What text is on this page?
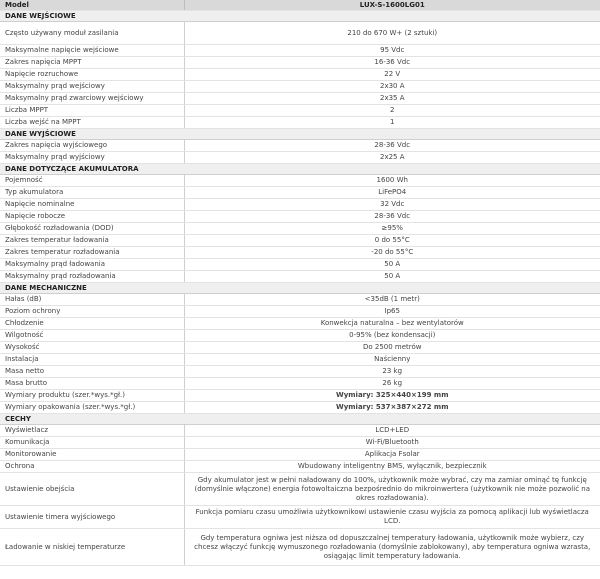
Model	LUX-S-1600LG01
DANE WEJŚCIOWE	
Często używany moduł zasilania	210 do 670 W+ (2 sztuki)
Maksymalne napięcie wejściowe	95 Vdc
Zakres napięcia MPPT	16-36 Vdc
Napięcie rozruchowe	22 V
Maksymalny prąd wejściowy	2x30 A
Maksymalny prąd zwarciowy wejściowy	2x35 A
Liczba MPPT	2
Liczba wejść na MPPT	1
DANE WYJŚCIOWE	
Zakres napięcia wyjściowego	28-36 Vdc
Maksymalny prąd wyjściowy	2x25 A
DANE DOTYCZĄCE AKUMULATORA	
Pojemność	1600 Wh
Typ akumulatora	LiFePO4
Napięcie nominalne	32 Vdc
Napięcie robocze	28-36 Vdc
Głębokość rozładowania (DOD)	≥95%
Zakres temperatur ładowania	0 do 55°C
Zakres temperatur rozładowania	-20 do 55°C
Maksymalny prąd ładowania	50 A
Maksymalny prąd rozładowania	50 A
DANE MECHANICZNE	
Hałas (dB)	<35dB (1 metr)
Poziom ochrony	Ip65
Chłodzenie	Konwekcja naturalna – bez wentylatorów
Wilgotność	0-95% (bez kondensacji)
Wysokość	Do 2500 metrów
Instalacja	Naścienny
Masa netto	23 kg
Masa brutto	26 kg
Wymiary produktu (szer.*wys.*gł.)	Wymiary: 325×440×199 mm
Wymiary opakowania (szer.*wys.*gł.)	Wymiary: 537×387×272 mm
CECHY	
Wyświetlacz	LCD+LED
Komunikacja	Wi-Fi/Bluetooth
Monitorowanie	Aplikacja Fsolar
Ochrona	Wbudowany inteligentny BMS, wyłącznik, bezpiecznik
Ustawienie obejścia	Gdy akumulator jest w pełni naładowany do 100%, użytkownik może wybrać, czy ma zamiar ominąć tę funkcję (domyślnie włączone) energia fotowoltaiczna bezpośrednio do mikroinwertera (użytkownik nie może pozwolić na okres rozładowania).
Ustawienie timera wyjściowego	Funkcja pomiaru czasu umożliwia użytkownikowi ustawienie czasu wyjścia za pomocą aplikacji lub wyświetlacza LCD.
Ładowanie w niskiej temperaturze	Gdy temperatura ogniwa jest niższa od dopuszczalnej temperatury ładowania, użytkownik może wybierz, czy chcesz włączyć funkcję wymuszonego rozładowania (domyślnie zablokowany), aby temperatura ogniwa wzrasta, osiągając limit temperatury ładowania.
